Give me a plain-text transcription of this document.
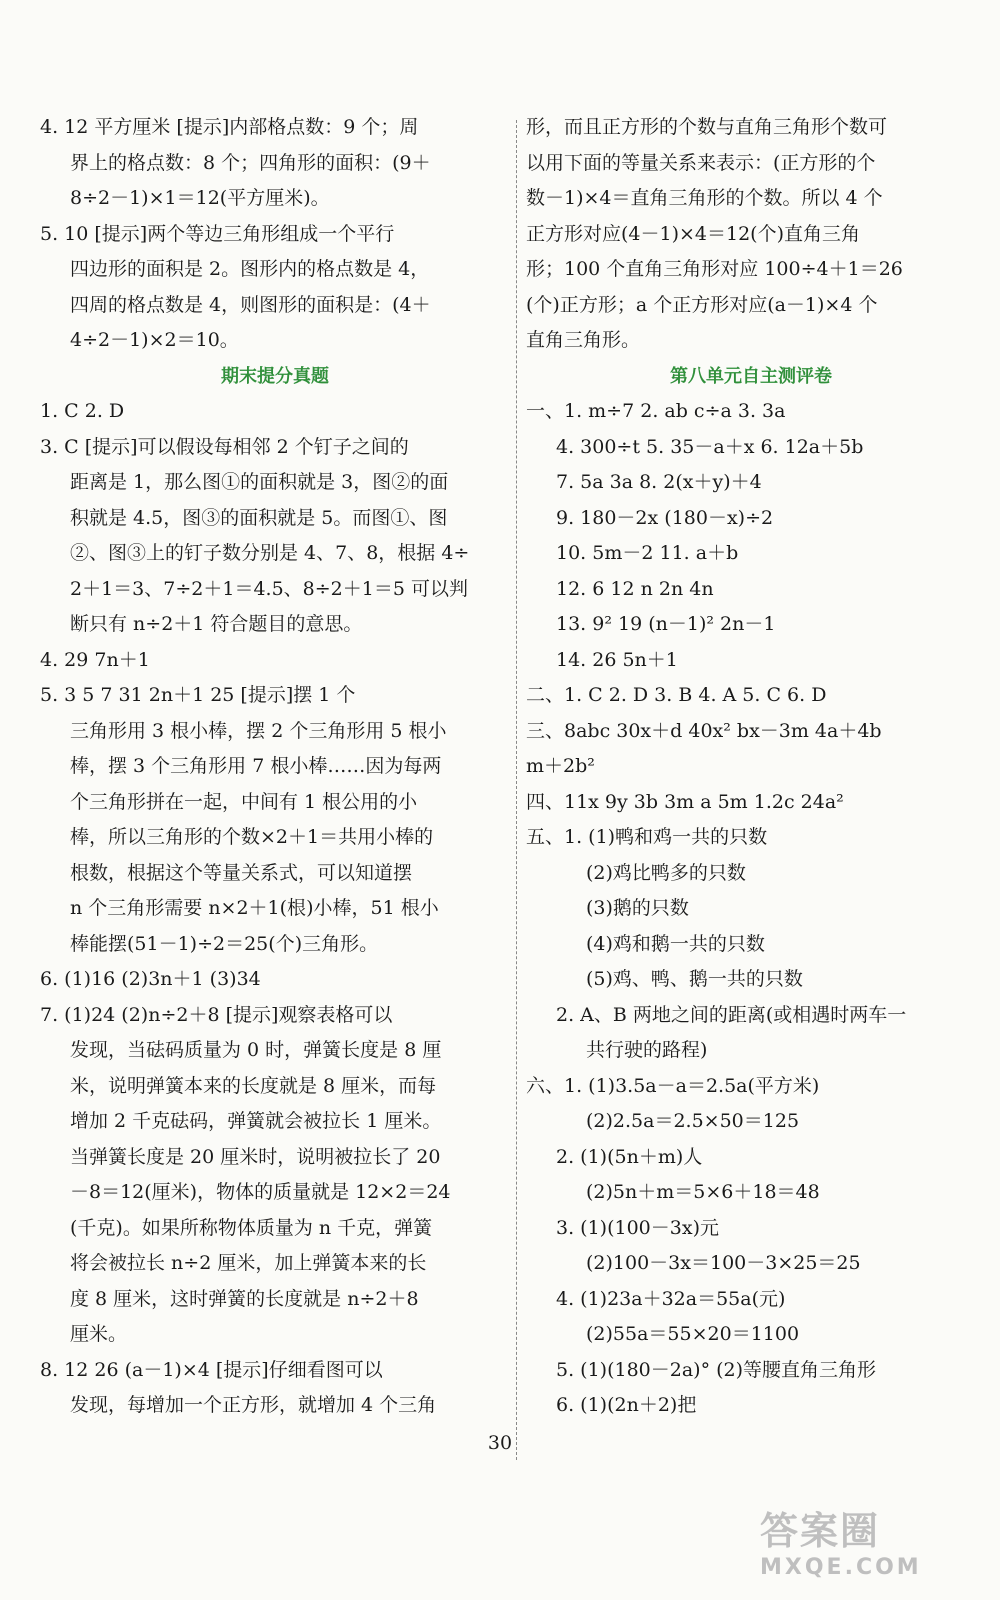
4. 12 平方厘米 [提示]内部格点数：9 个；周
界上的格点数：8 个；四角形的面积：(9＋
8÷2－1)×1＝12(平方厘米)。
5. 10 [提示]两个等边三角形组成一个平行
四边形的面积是 2。图形内的格点数是 4，
四周的格点数是 4，则图形的面积是：(4＋
4÷2－1)×2＝10。
期末提分真题
1. C 2. D
3. C [提示]可以假设每相邻 2 个钉子之间的
距离是 1，那么图①的面积就是 3，图②的面
积就是 4.5，图③的面积就是 5。而图①、图
②、图③上的钉子数分别是 4、7、8，根据 4÷
2＋1＝3、7÷2＋1＝4.5、8÷2＋1＝5 可以判
断只有 n÷2＋1 符合题目的意思。
4. 29 7n＋1
5. 3 5 7 31 2n＋1 25 [提示]摆 1 个
三角形用 3 根小棒，摆 2 个三角形用 5 根小
棒，摆 3 个三角形用 7 根小棒……因为每两
个三角形拼在一起，中间有 1 根公用的小
棒，所以三角形的个数×2＋1＝共用小棒的
根数，根据这个等量关系式，可以知道摆
n 个三角形需要 n×2＋1(根)小棒，51 根小
棒能摆(51－1)÷2＝25(个)三角形。
6. (1)16 (2)3n＋1 (3)34
7. (1)24 (2)n÷2＋8 [提示]观察表格可以
发现，当砝码质量为 0 时，弹簧长度是 8 厘
米，说明弹簧本来的长度就是 8 厘米，而每
增加 2 千克砝码，弹簧就会被拉长 1 厘米。
当弹簧长度是 20 厘米时，说明被拉长了 20
－8＝12(厘米)，物体的质量就是 12×2＝24
(千克)。如果所称物体质量为 n 千克，弹簧
将会被拉长 n÷2 厘米，加上弹簧本来的长
度 8 厘米，这时弹簧的长度就是 n÷2＋8
厘米。
8. 12 26 (a－1)×4 [提示]仔细看图可以
发现，每增加一个正方形，就增加 4 个三角
形，而且正方形的个数与直角三角形个数可
以用下面的等量关系来表示：(正方形的个
数－1)×4＝直角三角形的个数。所以 4 个
正方形对应(4－1)×4＝12(个)直角三角
形；100 个直角三角形对应 100÷4＋1＝26
(个)正方形；a 个正方形对应(a－1)×4 个
直角三角形。
第八单元自主测评卷
一、1. m÷7 2. ab c÷a 3. 3a
4. 300÷t 5. 35－a＋x 6. 12a＋5b
7. 5a 3a 8. 2(x＋y)＋4
9. 180－2x (180－x)÷2
10. 5m－2 11. a＋b
12. 6 12 n 2n 4n
13. 9² 19 (n－1)² 2n－1
14. 26 5n＋1
二、1. C 2. D 3. B 4. A 5. C 6. D
三、8abc 30x＋d 40x² bx－3m 4a＋4b
m＋2b²
四、11x 9y 3b 3m a 5m 1.2c 24a²
五、1. (1)鸭和鸡一共的只数
(2)鸡比鸭多的只数
(3)鹅的只数
(4)鸡和鹅一共的只数
(5)鸡、鸭、鹅一共的只数
2. A、B 两地之间的距离(或相遇时两车一
共行驶的路程)
六、1. (1)3.5a－a＝2.5a(平方米)
(2)2.5a＝2.5×50＝125
2. (1)(5n＋m)人
(2)5n＋m＝5×6＋18＝48
3. (1)(100－3x)元
(2)100－3x＝100－3×25＝25
4. (1)23a＋32a＝55a(元)
(2)55a＝55×20＝1100
5. (1)(180－2a)° (2)等腰直角三角形
6. (1)(2n＋2)把
30
答案圈
MXQE.COM
